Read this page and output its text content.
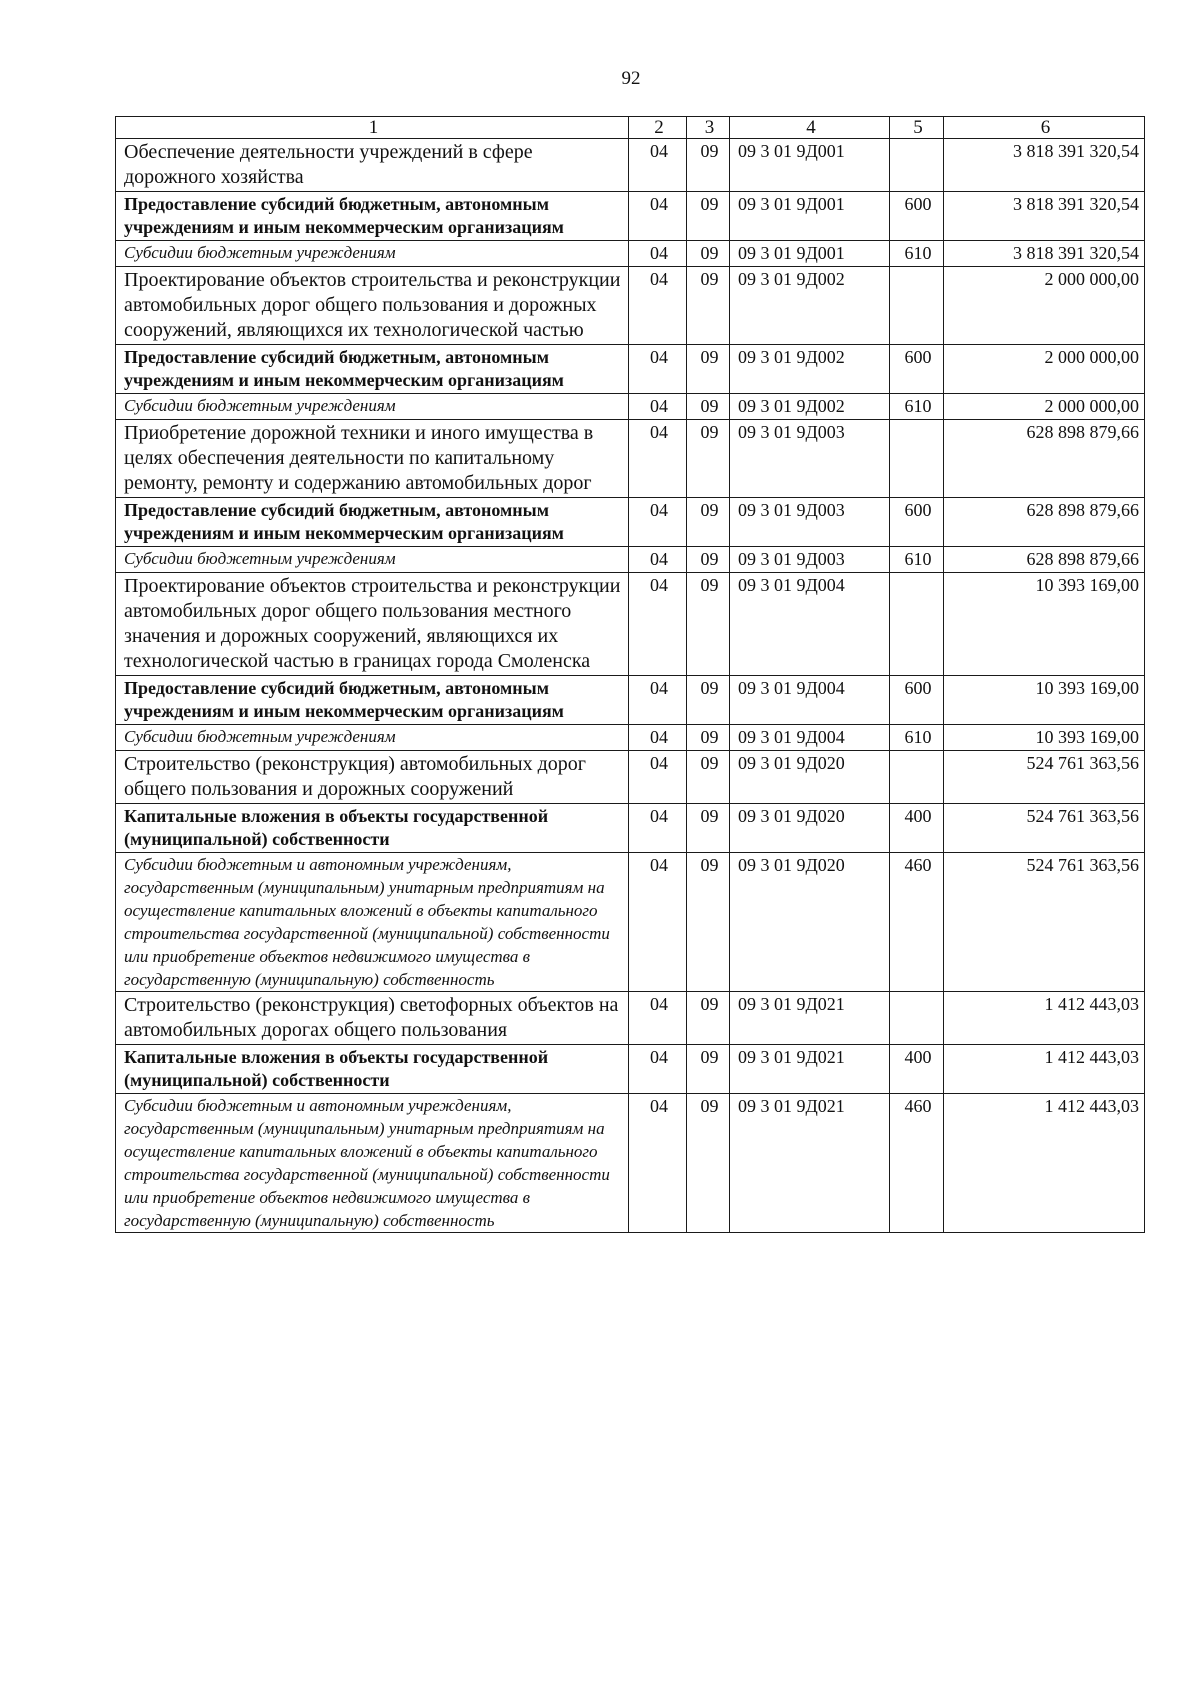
92
1	2	3	4	5	6
Обеспечение деятельности учреждений в сфере дорожного хозяйства	04	09	09 3 01 9Д001		3 818 391 320,54
Предоставление субсидий бюджетным, автономным учреждениям и иным некоммерческим организациям	04	09	09 3 01 9Д001	600	3 818 391 320,54
Субсидии бюджетным учреждениям	04	09	09 3 01 9Д001	610	3 818 391 320,54
Проектирование объектов строительства и реконструкции автомобильных дорог общего пользования и дорожных сооружений, являющихся их технологической частью	04	09	09 3 01 9Д002		2 000 000,00
Предоставление субсидий бюджетным, автономным учреждениям и иным некоммерческим организациям	04	09	09 3 01 9Д002	600	2 000 000,00
Субсидии бюджетным учреждениям	04	09	09 3 01 9Д002	610	2 000 000,00
Приобретение дорожной техники и иного имущества в целях обеспечения деятельности по капитальному ремонту, ремонту и содержанию автомобильных дорог	04	09	09 3 01 9Д003		628 898 879,66
Предоставление субсидий бюджетным, автономным учреждениям и иным некоммерческим организациям	04	09	09 3 01 9Д003	600	628 898 879,66
Субсидии бюджетным учреждениям	04	09	09 3 01 9Д003	610	628 898 879,66
Проектирование объектов строительства и реконструкции автомобильных дорог общего пользования местного значения и дорожных сооружений, являющихся их технологической частью в границах города Смоленска	04	09	09 3 01 9Д004		10 393 169,00
Предоставление субсидий бюджетным, автономным учреждениям и иным некоммерческим организациям	04	09	09 3 01 9Д004	600	10 393 169,00
Субсидии бюджетным учреждениям	04	09	09 3 01 9Д004	610	10 393 169,00
Строительство (реконструкция) автомобильных дорог общего пользования и дорожных сооружений	04	09	09 3 01 9Д020		524 761 363,56
Капитальные вложения в объекты государственной (муниципальной) собственности	04	09	09 3 01 9Д020	400	524 761 363,56
Субсидии бюджетным и автономным учреждениям, государственным (муниципальным) унитарным предприятиям на осуществление капитальных вложений в объекты капитального строительства государственной (муниципальной) собственности или приобретение объектов недвижимого имущества в государственную (муниципальную) собственность	04	09	09 3 01 9Д020	460	524 761 363,56
Строительство (реконструкция) светофорных объектов на автомобильных дорогах общего пользования	04	09	09 3 01 9Д021		1 412 443,03
Капитальные вложения в объекты государственной (муниципальной) собственности	04	09	09 3 01 9Д021	400	1 412 443,03
Субсидии бюджетным и автономным учреждениям, государственным (муниципальным) унитарным предприятиям на осуществление капитальных вложений в объекты капитального строительства государственной (муниципальной) собственности или приобретение объектов недвижимого имущества в государственную (муниципальную) собственность	04	09	09 3 01 9Д021	460	1 412 443,03
